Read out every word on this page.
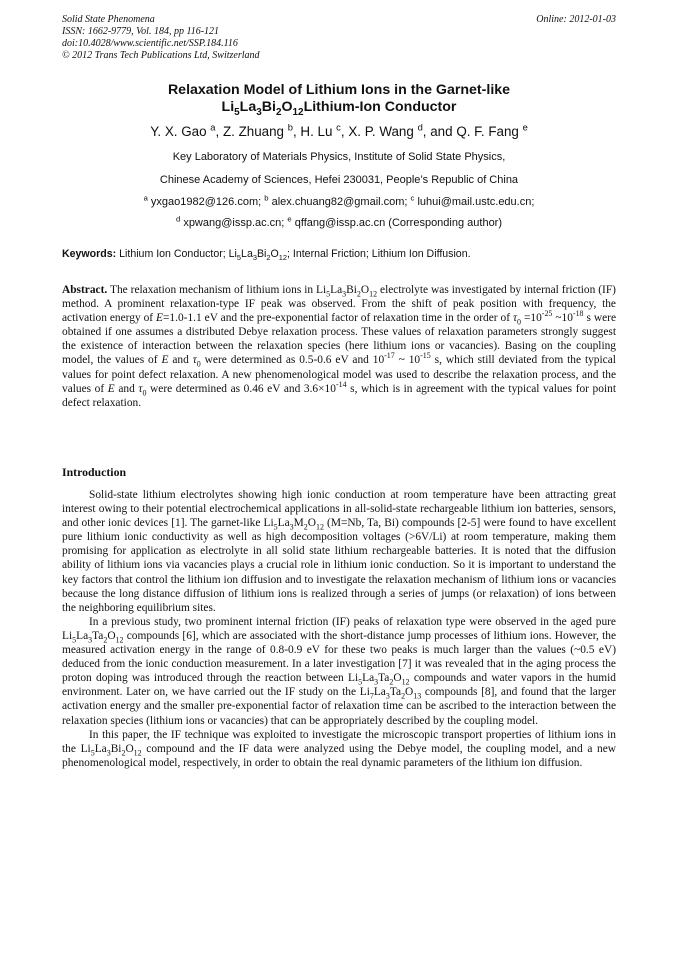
Solid State Phenomena
ISSN: 1662-9779, Vol. 184, pp 116-121
doi:10.4028/www.scientific.net/SSP.184.116
© 2012 Trans Tech Publications Ltd, Switzerland
Online: 2012-01-03
Relaxation Model of Lithium Ions in the Garnet-like
$Li_5La_3Bi_2O_{12}Lithium$-Ion Conductor
Y. X. Gao $^a$, Z. Zhuang $^b$, H. Lu $^c$, X. P. Wang $^d$, and Q. F. Fang $^e$
Key Laboratory of Materials Physics, Institute of Solid State Physics,
Chinese Academy of Sciences, Hefei 230031, People’s Republic of China
$^a$ yxgao1982@126.com; $^b$ alex.chuang82@gmail.com; $^c$ luhui@mail.ustc.edu.cn;
$^d$ xpwang@issp.ac.cn; $^e$ qffang@issp.ac.cn (Corresponding author)
Keywords: Lithium Ion Conductor; $Li_5La_3Bi_2O_{12}$; Internal Friction; Lithium Ion Diffusion.

Abstract. The relaxation mechanism of lithium ions in $Li_5La_3Bi_2O_{12}$ electrolyte was investigated by internal friction (IF) method. A prominent relaxation-type IF peak was observed. From the shift of peak position with frequency, the activation energy of E=1.0-1.1 eV and the pre-exponential factor of relaxation time in the order of $\tau_0 =10^{-25}$ $\sim 10^{-18}$ s were obtained if one assumes a distributed Debye relaxation process. These values of relaxation parameters strongly suggest the existence of interaction between the relaxation species (here lithium ions or vacancies). Basing on the coupling model, the values of E and $\tau_0$ were determined as 0.5-0.6 eV and $10^{-17}$ ~ $10^{-15}$ s, which still deviated from the typical values for point defect relaxation. A new phenomenological model was used to describe the relaxation process, and the values of E and $\tau_0$ were determined as 0.46 eV and $3.6\times 10^{-14}$ s, which is in agreement with the typical values for point defect relaxation.

Introduction

Solid-state lithium electrolytes showing high ionic conduction at room temperature have been attracting great interest owing to their potential electrochemical applications in all-solid-state rechargeable lithium ion batteries, sensors, and other ionic devices [1]. The garnet-like $Li_5La_3M_2O_{12}$ (M=Nb, Ta, Bi) compounds [2-5] were found to have excellent pure lithium ionic conductivity as well as high decomposition voltages (>6V/Li) at room temperature, making them promising for application as electrolyte in all solid state lithium rechargeable batteries. It is noted that the diffusion ability of lithium ions via vacancies plays a crucial role in lithium ionic conduction. So it is important to understand the key factors that control the lithium ion diffusion and to investigate the relaxation mechanism of lithium ions or vacancies because the long distance diffusion of lithium ions is realized through a series of jumps (or relaxation) of ions between the neighboring equilibrium sites.

In a previous study, two prominent internal friction (IF) peaks of relaxation type were observed in the aged pure $Li_5La_3Ta_2O_{12}$ compounds [6], which are associated with the short-distance jump processes of lithium ions. However, the measured activation energy in the range of 0.8-0.9 eV for these two peaks is much larger than the values (~0.5 eV) deduced from the ionic conduction measurement. In a later investigation [7] it was revealed that in the aging process the proton doping was introduced through the reaction between $Li_5La_3Ta_2O_{12}$ compounds and water vapors in the humid environment. Later on, we have carried out the IF study on the $Li_7La_3Ta_2O_{13}$ compounds [8], and found that the larger activation energy and the smaller pre-exponential factor of relaxation time can be ascribed to the interaction between the relaxation species (lithium ions or vacancies) that can be appropriately described by the coupling model.

In this paper, the IF technique was exploited to investigate the microscopic transport properties of lithium ions in the $Li_5La_3Bi_2O_{12}$ compound and the IF data were analyzed using the Debye model, the coupling model, and a new phenomenological model, respectively, in order to obtain the real dynamic parameters of the lithium ion diffusion.
